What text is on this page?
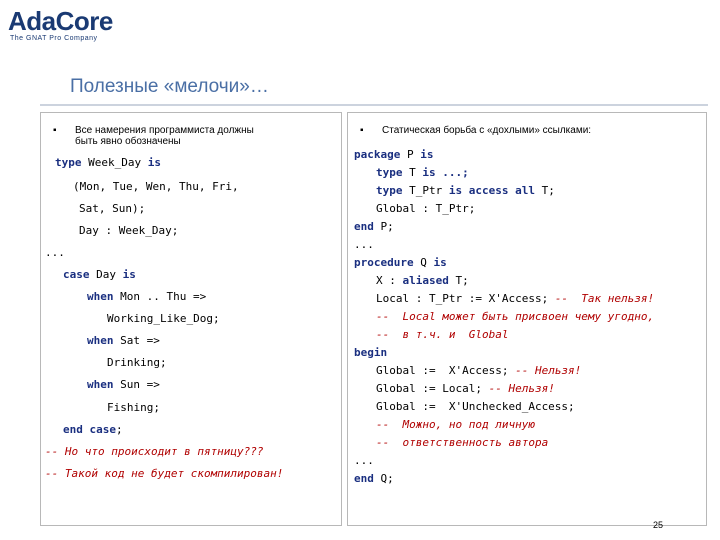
AdaCore
The GNAT Pro Company
Полезные «мелочи»…
▪ Все намерения программиста должны
быть явно обозначены
type Week_Day is
(Mon, Tue, Wen, Thu, Fri,
Sat, Sun);
Day : Week_Day;
...
case Day is
when Mon .. Thu =>
Working_Like_Dog;
when Sat =>
Drinking;
when Sun =>
Fishing;
end case;
-- Но что происходит в пятницу???
-- Такой код не будет скомпилирован!
▪ Статическая борьба с «дохлыми» ссылками:
package P is
type T is ...;
type T_Ptr is access all T;
Global : T_Ptr;
end P;
...
procedure Q is
X : aliased T;
Local : T_Ptr := X'Access; --  Так нельзя!
--  Local может быть присвоен чему угодно,
--  в т.ч. и  Global
begin
Global :=  X'Access; -- Нельзя!
Global := Local; -- Нельзя!
Global :=  X'Unchecked_Access;
--  Можно, но под личную
--  ответственность автора
...
end Q;
25
